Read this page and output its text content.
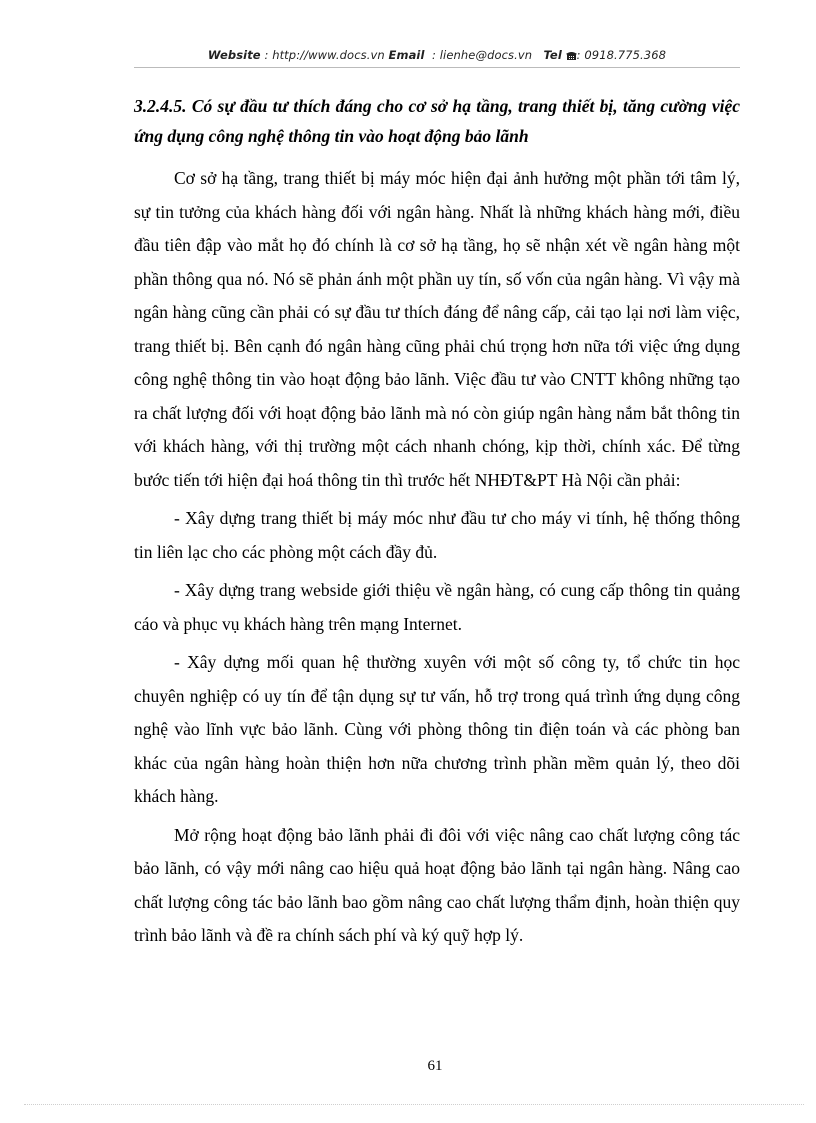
Website : http://www.docs.vn Email  : lienhe@docs.vn Tel : 0918.775.368
3.2.4.5. Có sự đầu tư thích đáng cho cơ sở hạ tầng, trang thiết bị, tăng cường việc ứng dụng công nghệ thông tin vào hoạt động bảo lãnh

Cơ sở hạ tầng, trang thiết bị máy móc hiện đại ảnh hưởng một phần tới tâm lý, sự tin tưởng của khách hàng đối với ngân hàng. Nhất là những khách hàng mới, điều đầu tiên đập vào mắt họ đó chính là cơ sở hạ tầng, họ sẽ nhận xét về ngân hàng một phần thông qua nó. Nó sẽ phản ánh một phần uy tín, số vốn của ngân hàng. Vì vậy mà ngân hàng cũng cần phải có sự đầu tư thích đáng để nâng cấp, cải tạo lại nơi làm việc, trang thiết bị. Bên cạnh đó ngân hàng cũng phải chú trọng hơn nữa tới việc ứng dụng công nghệ thông tin vào hoạt động bảo lãnh. Việc đầu tư vào CNTT không những tạo ra chất lượng đối với hoạt động bảo lãnh mà nó còn giúp ngân hàng nắm bắt thông tin với khách hàng, với thị trường một cách nhanh chóng, kịp thời, chính xác. Để từng bước tiến tới hiện đại hoá thông tin thì trước hết NHĐT&PT Hà Nội cần phải:

- Xây dựng trang thiết bị máy móc như đầu tư cho máy vi tính, hệ thống thông tin liên lạc cho các phòng một cách đầy đủ.

- Xây dựng trang webside giới thiệu về ngân hàng, có cung cấp thông tin quảng cáo và phục vụ khách hàng trên mạng Internet.

- Xây dựng mối quan hệ thường xuyên với một số công ty, tổ chức tin học chuyên nghiệp có uy tín để tận dụng sự tư vấn, hỗ trợ trong quá trình ứng dụng công nghệ vào lĩnh vực bảo lãnh. Cùng với phòng thông tin điện toán và các phòng ban khác của ngân hàng hoàn thiện hơn nữa chương trình phần mềm quản lý, theo dõi khách hàng.

Mở rộng hoạt động bảo lãnh phải đi đôi với việc nâng cao chất lượng công tác bảo lãnh, có vậy mới nâng cao hiệu quả hoạt động bảo lãnh tại ngân hàng. Nâng cao chất lượng công tác bảo lãnh bao gồm nâng cao chất lượng thẩm định, hoàn thiện quy trình bảo lãnh và đề ra chính sách phí và ký quỹ hợp lý.

61
